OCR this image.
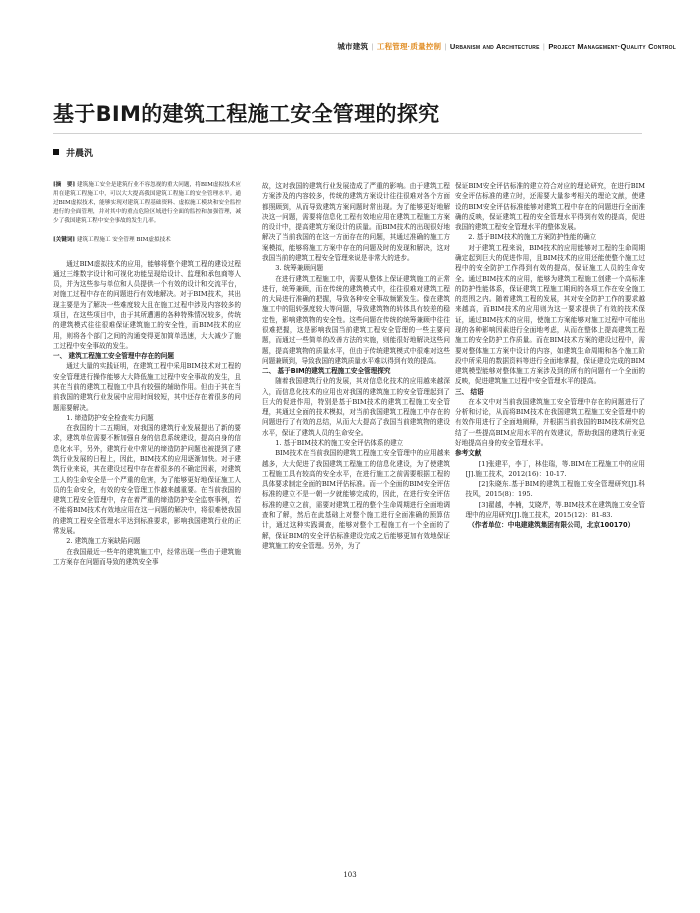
城市建筑 | 工程管理·质量控制 | Urbanism and Architecture | Project Management·Quality Control
基于BIM的建筑工程施工安全管理的探究
井晨汎
[摘　要] 建筑施工安全是建筑行业不容忽视的重大问题，将BIM虚拟技术应用在建筑工程施工中，可以大大提高我国建筑工程施工的安全管理水平。通过BIM虚拟技术，能够实现对建筑工程基础资料、虚拟施工模块和安全监控进行的全面管理，并对其中的重点危险区域进行全面的监控和加强管理，减少了我国建筑工程中安全事故的发生几率。
[关键词] 建筑工程施工 安全管理 BIM虚拟技术

通过BIM虚拟技术的应用，能够将整个建筑工程的建设过程通过三维数字设计和可视化功能呈现给设计、监理和承包商等人员，并为这些参与单位和人员提供一个有效的设计和交流平台，对施工过程中存在的问题进行有效地解决。对于BIM技术，其出现主要是为了解决一些难度较大且在施工过程中涉及内容较多的项目，在这些项目中，由于其所遭遇的各种特殊情况较多，传统的建筑模式往往很难保证建筑施工的安全性，而BIM技术的应用，则将各个部门之间的沟通变得更加简单迅速，大大减少了施工过程中安全事故的发生。

一、 建筑工程施工安全管理中存在的问题

通过大量的实践证明，在建筑工程中采用BIM技术对工程的安全管理进行操作能够大大降低施工过程中安全事故的发生，且其在当前的建筑工程施工中具有较强的辅助作用。但由于其在当前我国的建筑行业发展中应用时间较短，其中还存在着很多的问题需要解决。

1. 缔造防护安全检查实力问题

在我国的十二五期间，对我国的建筑行业发展提出了新的要求，建筑单位需要不断加强自身的信息系统建设，提高自身的信息化水平，另外，建筑行业中常见的缔造防护问题也被提到了建筑行业发展的日程上，因此，BIM技术的应用逐渐加快。对于建筑行业来说，其在建设过程中存在着很多的不确定因素，对建筑工人的生命安全是一个严重的危害，为了能够更好地保证施工人员的生命安全，有效的安全管理工作越来越重要。在当前我国的建筑工程安全管理中，存在着严重的缔造防护安全监察事例，若不能将BIM技术有效地应用在这一问题的解决中，将很难使我国的建筑工程安全管理水平达到标准要求，影响我国建筑行业的正常发展。

2. 建筑施工方案缺陷问题

在我国最近一些年的建筑施工中，经常出现一些由于建筑施工方案存在问题而导致的建筑安全事

故，这对我国的建筑行业发展造成了严重的影响。由于建筑工程方案涉及的内容较多，传统的建筑方案设计往往很难对各个方面都照顾到，从而导致建筑方案问题时常出现。为了能够更好地解决这一问题，需要将信息化工程有效地应用在建筑工程施工方案的设计中，提高建筑方案设计的质量。而BIM技术的出现很好地解决了当前我国的在这一方面存在的问题，其通过准确的施工方案模拟，能够将施工方案中存在的问题及时的发现和解决，这对我国当前的建筑工程安全管理来说是非常大的进步。

3. 统筹兼顾问题

在进行建筑工程施工中，需要从整体上保证建筑施工的正常进行，统筹兼顾，而在传统的建筑模式中，往往很难对建筑工程的大局进行准确的把握，导致各种安全事故频繁发生。像在建筑施工中的阻转强度较大等问题，导致建筑物的转体具有较差的稳定性，影响建筑物的安全性。这些问题在传统的统筹兼顾中往往很难把握，这是影响我国当前建筑工程安全管理的一些主要问题，而通过一些简单的改善方法的实施，则能很好地解决这些问题，提高建筑物的质量水平，但由于传统建筑模式中很难对这些问题兼顾到，导致我国的建筑质量水平难以得到有效的提高。

二、 基于BIM的建筑工程施工安全管理探究

随着我国建筑行业的发展，其对信息化技术的应用越来越深入，而信息化技术的应用也对我国的建筑施工的安全管理起到了巨大的促进作用，特别是基于BIM技术的建筑工程施工安全管理，其通过全面的技术模拟，对当前我国建筑工程施工中存在的问题进行了有效的总结，从而大大提高了我国当前建筑物的建设水平，保证了建筑人员的生命安全。

1. 基于BIM技术的施工安全评估体系的建立

BIM技术在当前我国的建筑工程施工安全管理中的应用越来越多，大大促进了我国建筑工程施工的信息化建设，为了使建筑工程施工具有较高的安全水平，在进行施工之前需要根据工程的具体要求制定全面的BIM评估标准。而一个全面的BIM安全评估标准的建立不是一朝一夕就能够完成的，因此，在进行安全评估标准的建立之前，需要对建筑工程的整个生命周期进行全面地调查和了解，然后在此基础上对整个施工进行全面准确的预算估计，通过这种实践调查，能够对整个工程施工有一个全面的了解，保证BIM的安全评估标准建设完成之后能够更加有效地保证建筑施工的安全管理。另外，为了

保证BIM安全评估标准的建立符合对应的理论研究，在进行BIM安全评估标准的建立时，还需要大量参考相关的理论文献，使建设的BIM安全评估标准能够对建筑工程中存在的问题进行全面准确的反映，保证建筑工程的安全管理水平得到有效的提高，促进我国的建筑工程安全管理水平的整体发展。

2. 基于BIM技术的施工方案防护性能的确立

对于建筑工程来说，BIM技术的应用能够对工程的生命周期确定起到巨大的促进作用，且BIM技术的应用还能使整个施工过程中的安全防护工作得到有效的提高，保证施工人员的生命安全。通过BIM技术的应用，能够为建筑工程施工创建一个高标准的防护性能体系，保证建筑工程施工期间的各项工作在安全施工的范围之内。随着建筑工程的发展，其对安全防护工作的要求越来越高，而BIM技术的应用则为这一要求提供了有效的技术保证，通过BIM技术的应用，使施工方案能够对施工过程中可能出现的各种影响因素进行全面地考虑，从而在整体上提高建筑工程施工的安全防护工作质量。而在BIM技术方案的建设过程中，需要对整体施工方案中设计的内容，如建筑生命周期和各个施工阶段中所采用的数据资料等进行全面地掌握，保证建设完成的BIM建筑模型能够对整体施工方案涉及到的所有的问题有一个全面的反映，促进建筑施工过程中安全管理水平的提高。

三、 结语

在本文中对当前我国建筑施工安全管理中存在的问题进行了分析和讨论，从而将BIM技术在我国建筑工程施工安全管理中的有效作用进行了全面地阐释，并根据当前我国的BIM技术研究总结了一些提高BIM应用水平的有效建议，帮助我国的建筑行业更好地提高自身的安全管理水平。

参考文献

[1]张建平，李丁，林佳瑞，等.BIM在工程施工中的应用[J].施工技术，2012(16)：10-17.

[2]朱晓东.基于BIM的建筑工程施工安全管理研究[J].科技风，2015(8)：195.

[3]翟越，李楠，艾晓芹，等.BIM技术在建筑施工安全管理中的应用研究[J].施工技术，2015(12)：81-83.

（作者单位：中电建建筑集团有限公司，北京100170）

103
